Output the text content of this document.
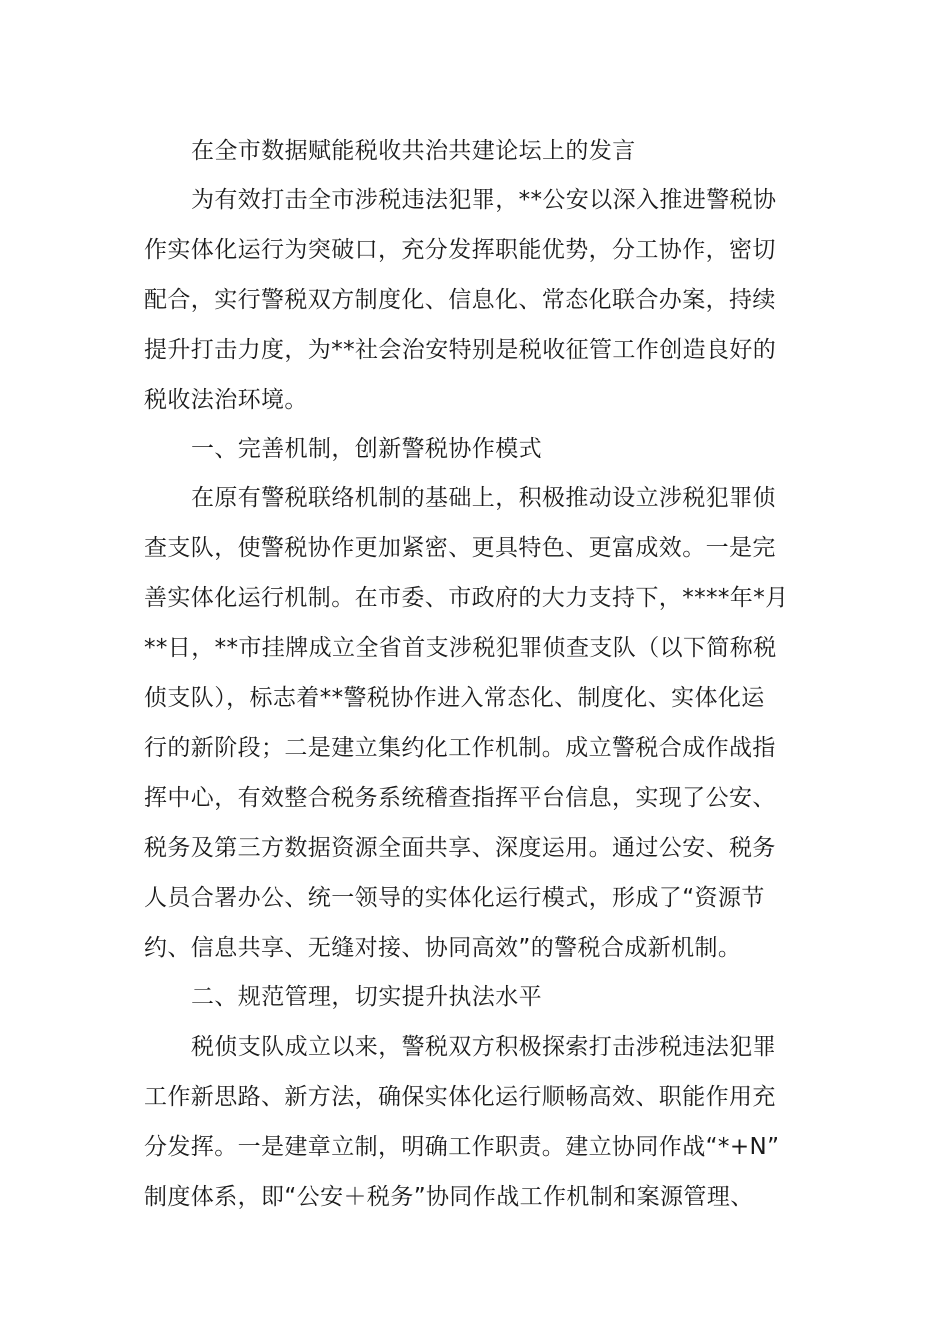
在全市数据赋能税收共治共建论坛上的发言
为有效打击全市涉税违法犯罪，**公安以深入推进警税协
作实体化运行为突破口，充分发挥职能优势，分工协作，密切
配合，实行警税双方制度化、信息化、常态化联合办案，持续
提升打击力度，为**社会治安特别是税收征管工作创造良好的
税收法治环境。
一、完善机制，创新警税协作模式
在原有警税联络机制的基础上，积极推动设立涉税犯罪侦
查支队，使警税协作更加紧密、更具特色、更富成效。一是完
善实体化运行机制。在市委、市政府的大力支持下，****年*月
**日，**市挂牌成立全省首支涉税犯罪侦查支队（以下简称税
侦支队），标志着**警税协作进入常态化、制度化、实体化运
行的新阶段；二是建立集约化工作机制。成立警税合成作战指
挥中心，有效整合税务系统稽查指挥平台信息，实现了公安、
税务及第三方数据资源全面共享、深度运用。通过公安、税务
人员合署办公、统一领导的实体化运行模式，形成了“资源节
约、信息共享、无缝对接、协同高效”的警税合成新机制。
二、规范管理，切实提升执法水平
税侦支队成立以来，警税双方积极探索打击涉税违法犯罪
工作新思路、新方法，确保实体化运行顺畅高效、职能作用充
分发挥。一是建章立制，明确工作职责。建立协同作战“*+N”
制度体系，即“公安＋税务”协同作战工作机制和案源管理、
